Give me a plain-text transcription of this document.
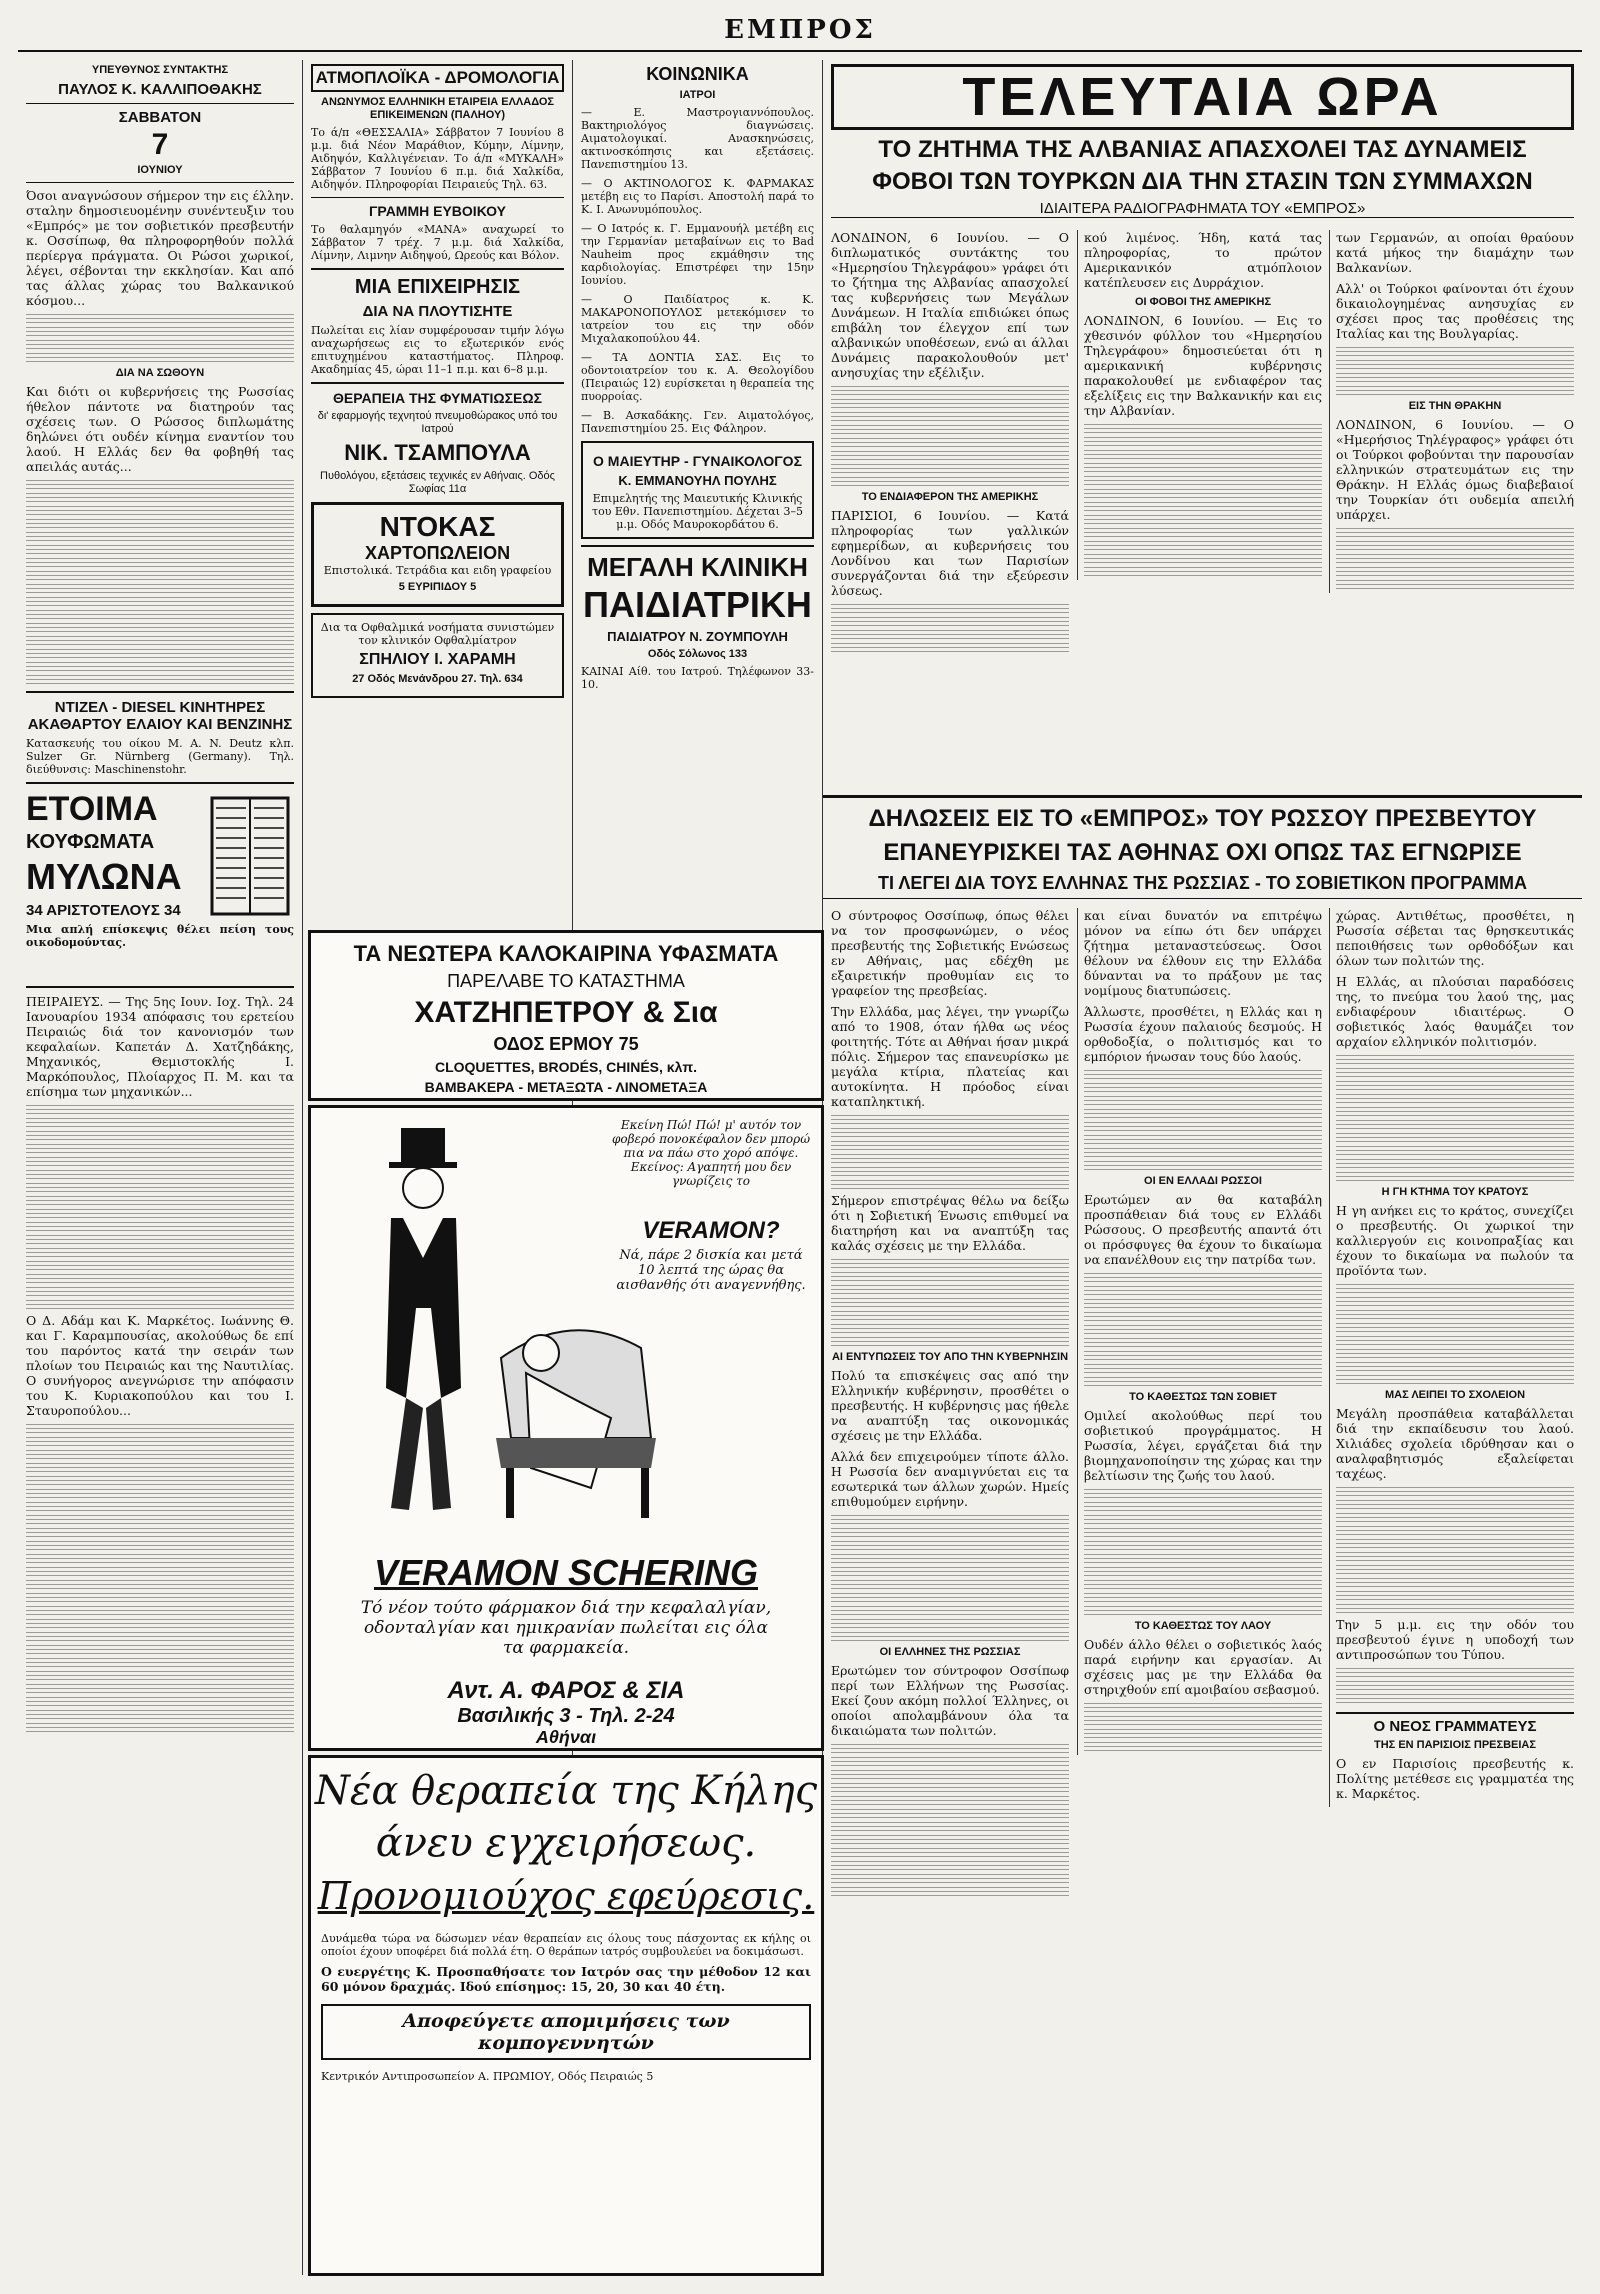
ΕΜΠΡΟΣ
ΥΠΕΥΘΥΝΟΣ ΣΥΝΤΑΚΤΗΣ
ΠΑΥΛΟΣ Κ. ΚΑΛΛΙΠΟΘΑΚΗΣ
ΣΑΒΒΑΤΟΝ
7
ΙΟΥΝΙΟΥ

Όσοι αναγνώσουν σήμερον την εις έλλην. σταλην δημοσιευομένην συνέντευξιν του «Εμπρός» με τον σοβιετικόν πρεσβευτήν κ. Οσσίπωφ, θα πληροφορηθούν πολλά περίεργα πράγματα. Οι Ρώσοι χωρικοί, λέγει, σέβονται την εκκλησίαν. Και από τας άλλας χώρας του Βαλκανικού κόσμου...

ΔΙΑ ΝΑ ΣΩΘΟΥΝ

Και διότι οι κυβερνήσεις της Ρωσσίας ήθελον πάντοτε να διατηρούν τας σχέσεις των. Ο Ρώσσος διπλωμάτης δηλώνει ότι ουδέν κίνημα εναντίον του λαού. Η Ελλάς δεν θα φοβηθή τας απειλάς αυτάς...

ΝΤΙΖΕΛ - DIESEL ΚΙΝΗΤΗΡΕΣ ΑΚΑΘΑΡΤΟΥ ΕΛΑΙΟΥ ΚΑΙ ΒΕΝΖΙΝΗΣ

Κατασκευής του οίκου M. A. N. Deutz κλπ. Sulzer Gr. Nürnberg (Germany). Τηλ. διεύθυνσις: Maschinenstohr.

ΕΤΟΙΜΑ
ΚΟΥΦΩΜΑΤΑ
ΜΥΛΩΝΑ
34 ΑΡΙΣΤΟΤΕΛΟΥΣ 34

Μια απλή επίσκεψις θέλει πείση τους οικοδομούντας.

ΠΕΙΡΑΙΕΥΣ. — Της 5ης Ιουν. Ιοχ. Τηλ. 24 Ιανουαρίου 1934 απόφασις του ερετείου Πειραιώς διά τον κανονισμόν των κεφαλαίων. Καπετάν Δ. Χατζηδάκης, Μηχανικός, Θεμιστοκλής Ι. Μαρκόπουλος, Πλοίαρχος Π. Μ. και τα επίσημα των μηχανικών...

Ο Δ. Αδάμ και Κ. Μαρκέτος. Ιωάννης Θ. και Γ. Καραμπουσίας, ακολούθως δε επί του παρόντος κατά την σειράν των πλοίων του Πειραιώς και της Ναυτιλίας. Ο συνήγορος ανεγνώρισε την απόφασιν του Κ. Κυριακοπούλου και του Ι. Σταυροπούλου...

ΑΤΜΟΠΛΟΪΚΑ - ΔΡΟΜΟΛΟΓΙΑ
ΑΝΩΝΥΜΟΣ ΕΛΛΗΝΙΚΗ ΕΤΑΙΡΕΙΑ ΕΛΛΑΔΟΣ ΕΠΙΚΕΙΜΕΝΩΝ (ΠΑΛΗΟΥ)

Το ά/π «ΘΕΣΣΑΛΙΑ» Σάββατον 7 Ιουνίου 8 μ.μ. διά Νέον Μαράθιον, Κύμην, Λίμνην, Αιδηψόν, Καλλιγένειαν. Το ά/π «ΜΥΚΑΛΗ» Σάββατον 7 Ιουνίου 6 π.μ. διά Χαλκίδα, Αιδηψόν. Πληροφορίαι Πειραιεύς Τηλ. 63.

ΓΡΑΜΜΗ ΕΥΒΟΙΚΟΥ

Το θαλαμηγόν «ΜΑΝΑ» αναχωρεί το Σάββατον 7 τρέχ. 7 μ.μ. διά Χαλκίδα, Λίμνην, Λιμνην Αιδηψού, Ωρεούς και Βόλον.

ΜΙΑ ΕΠΙΧΕΙΡΗΣΙΣ
ΔΙΑ ΝΑ ΠΛΟΥΤΙΣΗΤΕ

Πωλείται εις λίαν συμφέρουσαν τιμήν λόγω αναχωρήσεως εις το εξωτερικόν ενός επιτυχημένου καταστήματος. Πληροφ. Ακαδημίας 45, ώραι 11–1 π.μ. και 6–8 μ.μ.

ΘΕΡΑΠΕΙΑ ΤΗΣ ΦΥΜΑΤΙΩΣΕΩΣ
δι' εφαρμογής τεχνητού πνευμοθώρακος υπό του Ιατρού
ΝΙΚ. ΤΣΑΜΠΟΥΛΑ
Πυθολόγου, εξετάσεις τεχνικές εν Αθήναις. Οδός Σωφίας 11α
ΝΤΟΚΑΣ
ΧΑΡΤΟΠΩΛΕΙΟΝ
Επιστολικά. Τετράδια και ειδη γραφείου
5 ΕΥΡΙΠΙΔΟΥ 5
Δια τα Οφθαλμικά νοσήματα συνιστώμεν τον κλινικόν Οφθαλμίατρον
ΣΠΗΛΙΟΥ Ι. ΧΑΡΑΜΗ
27 Οδός Μενάνδρου 27. Τηλ. 634
ΚΟΙΝΩΝΙΚΑ
ΙΑΤΡΟΙ

— Ε. Μαστρογιαννόπουλος. Βακτηριολόγος διαγνώσεις. Αιματολογικαί. Ανασκηνώσεις, ακτινοσκόπησις και εξετάσεις. Πανεπιστημίου 13.

— Ο ΑΚΤΙΝΟΛΟΓΟΣ Κ. ΦΑΡΜΑΚΑΣ μετέβη εις το Παρίσι. Αποστολή παρά το Κ. Ι. Ανωνυμόπουλος.

— Ο Ιατρός κ. Γ. Εμμανουήλ μετέβη εις την Γερμανίαν μεταβαίνων εις το Bad Nauheim προς εκμάθησιν της καρδιολογίας. Επιστρέφει την 15ην Ιουνίου.

— Ο Παιδίατρος κ. Κ. ΜΑΚΑΡΟΝΟΠΟΥΛΟΣ μετεκόμισεν το ιατρείον του εις την οδόν Μιχαλακοπούλου 44.

— ΤΑ ΔΟΝΤΙΑ ΣΑΣ. Εις το οδοντοιατρείον του κ. Α. Θεολογίδου (Πειραιώς 12) ευρίσκεται η θεραπεία της πυορροίας.

— Β. Ασκαδάκης. Γεν. Αιματολόγος, Πανεπιστημίου 25. Εις Φάληρον.

Ο ΜΑΙΕΥΤΗΡ - ΓΥΝΑΙΚΟΛΟΓΟΣ
Κ. ΕΜΜΑΝΟΥΗΛ ΠΟΥΛΗΣ
Επιμελητής της Μαιευτικής Κλινικής του Εθν. Πανεπιστημίου. Δέχεται 3–5 μ.μ. Οδός Μαυροκορδάτου 6.
ΜΕΓΑΛΗ ΚΛΙΝΙΚΗ
ΠΑΙΔΙΑΤΡΙΚΗ
ΠΑΙΔΙΑΤΡΟΥ Ν. ΖΟΥΜΠΟΥΛΗ
Οδός Σόλωνος 133

ΚΑΙΝΑΙ Αίθ. του Ιατρού. Τηλέφωνον 33-10.

ΤΑ ΝΕΩΤΕΡΑ ΚΑΛΟΚΑΙΡΙΝΑ ΥΦΑΣΜΑΤΑ
ΠΑΡΕΛΑΒΕ ΤΟ ΚΑΤΑΣΤΗΜΑ
ΧΑΤΖΗΠΕΤΡΟΥ & Σια
ΟΔΟΣ ΕΡΜΟΥ 75
CLOQUETTES, BRODÉS, CHINÉS, κλπ.
ΒΑΜΒΑΚΕΡΑ - ΜΕΤΑΞΩΤΑ - ΛΙΝΟΜΕΤΑΞΑ
Εκείνη Πώ! Πώ! μ' αυτόν τον φοβερό πονοκέφαλον δεν μπορώ πια να πάω στο χορό απόψε. Εκείνος: Αγαπητή μου δεν γνωρίζεις το
VERAMON?
Νά, πάρε 2 δισκία και μετά 10 λεπτά της ώρας θα αισθανθής ότι αναγεννήθης.
VERAMON SCHERING
Τό νέον τούτο φάρμακον διά την κεφαλαλγίαν, οδονταλγίαν και ημικρανίαν πωλείται εις όλα τα φαρμακεία.
Αντ. Α. ΦΑΡΟΣ & ΣΙΑ
Βασιλικής 3 - Τηλ. 2-24
Αθήναι
Νέα θεραπεία της Κήλης
άνευ εγχειρήσεως.
Προνομιούχος εφεύρεσις.

Δυνάμεθα τώρα να δώσωμεν νέαν θεραπείαν εις όλους τους πάσχοντας εκ κήλης οι οποίοι έχουν υποφέρει διά πολλά έτη. Ο θεράπων ιατρός συμβουλεύει να δοκιμάσωσι.

Ο ευεργέτης Κ. Προσπαθήσατε τον Ιατρόν σας την μέθοδον 12 και 60 μόνον δραχμάς. Ιδού επίσημος: 15, 20, 30 και 40 έτη.

Αποφεύγετε απομιμήσεις των κομπογεννητών

Κεντρικόν Αντιπροσωπείον Α. ΠΡΩΜΙΟΥ, Οδός Πειραιώς 5

ΤΕΛΕΥΤΑΙΑ ΩΡΑ
ΤΟ ΖΗΤΗΜΑ ΤΗΣ ΑΛΒΑΝΙΑΣ ΑΠΑΣΧΟΛΕΙ ΤΑΣ ΔΥΝΑΜΕΙΣ
ΦΟΒΟΙ ΤΩΝ ΤΟΥΡΚΩΝ ΔΙΑ ΤΗΝ ΣΤΑΣΙΝ ΤΩΝ ΣΥΜΜΑΧΩΝ
ΙΔΙΑΙΤΕΡΑ ΡΑΔΙΟΓΡΑΦΗΜΑΤΑ ΤΟΥ «ΕΜΠΡΟΣ»

ΛΟΝΔΙΝΟΝ, 6 Ιουνίου. — Ο διπλωματικός συντάκτης του «Ημερησίου Τηλεγράφου» γράφει ότι το ζήτημα της Αλβανίας απασχολεί τας κυβερνήσεις των Μεγάλων Δυνάμεων. Η Ιταλία επιδιώκει όπως επιβάλη τον έλεγχον επί των αλβανικών υποθέσεων, ενώ αι άλλαι Δυνάμεις παρακολουθούν μετ' ανησυχίας την εξέλιξιν.

ΤΟ ΕΝΔΙΑΦΕΡΟΝ ΤΗΣ ΑΜΕΡΙΚΗΣ

ΠΑΡΙΣΙΟΙ, 6 Ιουνίου. — Κατά πληροφορίας των γαλλικών εφημερίδων, αι κυβερνήσεις του Λονδίνου και των Παρισίων συνεργάζονται διά την εξεύρεσιν λύσεως.

κού λιμένος. Ήδη, κατά τας πληροφορίας, το πρώτον Αμερικανικόν ατμόπλοιον κατέπλευσεν εις Δυρράχιον.

ΟΙ ΦΟΒΟΙ ΤΗΣ ΑΜΕΡΙΚΗΣ

ΛΟΝΔΙΝΟΝ, 6 Ιουνίου. — Εις το χθεσινόν φύλλον του «Ημερησίου Τηλεγράφου» δημοσιεύεται ότι η αμερικανική κυβέρνησις παρακολουθεί με ενδιαφέρον τας εξελίξεις εις την Βαλκανικήν και εις την Αλβανίαν.

των Γερμανών, αι οποίαι θραύουν κατά μήκος την διαμάχην των Βαλκανίων.

Αλλ' οι Τούρκοι φαίνονται ότι έχουν δικαιολογημένας ανησυχίας εν σχέσει προς τας προθέσεις της Ιταλίας και της Βουλγαρίας.

ΕΙΣ ΤΗΝ ΘΡΑΚΗΝ

ΛΟΝΔΙΝΟΝ, 6 Ιουνίου. — Ο «Ημερήσιος Τηλέγραφος» γράφει ότι οι Τούρκοι φοβούνται την παρουσίαν ελληνικών στρατευμάτων εις την Θράκην. Η Ελλάς όμως διαβεβαιοί την Τουρκίαν ότι ουδεμία απειλή υπάρχει.

ΔΗΛΩΣΕΙΣ ΕΙΣ ΤΟ «ΕΜΠΡΟΣ» ΤΟΥ ΡΩΣΣΟΥ ΠΡΕΣΒΕΥΤΟΥ
ΕΠΑΝΕΥΡΙΣΚΕΙ ΤΑΣ ΑΘΗΝΑΣ ΟΧΙ ΟΠΩΣ ΤΑΣ ΕΓΝΩΡΙΣΕ
ΤΙ ΛΕΓΕΙ ΔΙΑ ΤΟΥΣ ΕΛΛΗΝΑΣ ΤΗΣ ΡΩΣΣΙΑΣ - ΤΟ ΣΟΒΙΕΤΙΚΟΝ ΠΡΟΓΡΑΜΜΑ

Ο σύντροφος Οσσίπωφ, όπως θέλει να τον προσφωνώμεν, ο νέος πρεσβευτής της Σοβιετικής Ενώσεως εν Αθήναις, μας εδέχθη με εξαιρετικήν προθυμίαν εις το γραφείον της πρεσβείας.

Την Ελλάδα, μας λέγει, την γνωρίζω από το 1908, όταν ήλθα ως νέος φοιτητής. Τότε αι Αθήναι ήσαν μικρά πόλις. Σήμερον τας επανευρίσκω με μεγάλα κτίρια, πλατείας και αυτοκίνητα. Η πρόοδος είναι καταπληκτική.

Σήμερον επιστρέψας θέλω να δείξω ότι η Σοβιετική Ένωσις επιθυμεί να διατηρήση και να αναπτύξη τας καλάς σχέσεις με την Ελλάδα.

ΑΙ ΕΝΤΥΠΩΣΕΙΣ ΤΟΥ ΑΠΟ ΤΗΝ ΚΥΒΕΡΝΗΣΙΝ

Πολύ τα επισκέψεις σας από την Ελληνικήν κυβέρνησιν, προσθέτει ο πρεσβευτής. Η κυβέρνησις μας ήθελε να αναπτύξη τας οικονομικάς σχέσεις με την Ελλάδα.

Αλλά δεν επιχειρούμεν τίποτε άλλο. Η Ρωσσία δεν αναμιγνύεται εις τα εσωτερικά των άλλων χωρών. Ημείς επιθυμούμεν ειρήνην.

ΟΙ ΕΛΛΗΝΕΣ ΤΗΣ ΡΩΣΣΙΑΣ

Ερωτώμεν τον σύντροφον Οσσίπωφ περί των Ελλήνων της Ρωσσίας. Εκεί ζουν ακόμη πολλοί Έλληνες, οι οποίοι απολαμβάνουν όλα τα δικαιώματα των πολιτών.

και είναι δυνατόν να επιτρέψω μόνον να είπω ότι δεν υπάρχει ζήτημα μεταναστεύσεως. Όσοι θέλουν να έλθουν εις την Ελλάδα δύνανται να το πράξουν με τας νομίμους διατυπώσεις.

Άλλωστε, προσθέτει, η Ελλάς και η Ρωσσία έχουν παλαιούς δεσμούς. Η ορθοδοξία, ο πολιτισμός και το εμπόριον ήνωσαν τους δύο λαούς.

ΟΙ ΕΝ ΕΛΛΑΔΙ ΡΩΣΣΟΙ

Ερωτώμεν αν θα καταβάλη προσπάθειαν διά τους εν Ελλάδι Ρώσσους. Ο πρεσβευτής απαντά ότι οι πρόσφυγες θα έχουν το δικαίωμα να επανέλθουν εις την πατρίδα των.

ΤΟ ΚΑΘΕΣΤΩΣ ΤΩΝ ΣΟΒΙΕΤ

Ομιλεί ακολούθως περί του σοβιετικού προγράμματος. Η Ρωσσία, λέγει, εργάζεται διά την βιομηχανοποίησιν της χώρας και την βελτίωσιν της ζωής του λαού.

ΤΟ ΚΑΘΕΣΤΩΣ ΤΟΥ ΛΑΟΥ

Ουδέν άλλο θέλει ο σοβιετικός λαός παρά ειρήνην και εργασίαν. Αι σχέσεις μας με την Ελλάδα θα στηριχθούν επί αμοιβαίου σεβασμού.

χώρας. Αντιθέτως, προσθέτει, η Ρωσσία σέβεται τας θρησκευτικάς πεποιθήσεις των ορθοδόξων και όλων των πολιτών της.

Η Ελλάς, αι πλούσιαι παραδόσεις της, το πνεύμα του λαού της, μας ενδιαφέρουν ιδιαιτέρως. Ο σοβιετικός λαός θαυμάζει τον αρχαίον ελληνικόν πολιτισμόν.

Η ΓΗ ΚΤΗΜΑ ΤΟΥ ΚΡΑΤΟΥΣ

Η γη ανήκει εις το κράτος, συνεχίζει ο πρεσβευτής. Οι χωρικοί την καλλιεργούν εις κοινοπραξίας και έχουν το δικαίωμα να πωλούν τα προϊόντα των.

ΜΑΣ ΛΕΙΠΕΙ ΤΟ ΣΧΟΛΕΙΟΝ

Μεγάλη προσπάθεια καταβάλλεται διά την εκπαίδευσιν του λαού. Χιλιάδες σχολεία ιδρύθησαν και ο αναλφαβητισμός εξαλείφεται ταχέως.

Την 5 μ.μ. εις την οδόν του πρεσβευτού έγινε η υποδοχή των αντιπροσώπων του Τύπου.

Ο ΝΕΟΣ ΓΡΑΜΜΑΤΕΥΣ
ΤΗΣ ΕΝ ΠΑΡΙΣΙΟΙΣ ΠΡΕΣΒΕΙΑΣ

Ο εν Παρισίοις πρεσβευτής κ. Πολίτης μετέθεσε εις γραμματέα της κ. Μαρκέτος.
